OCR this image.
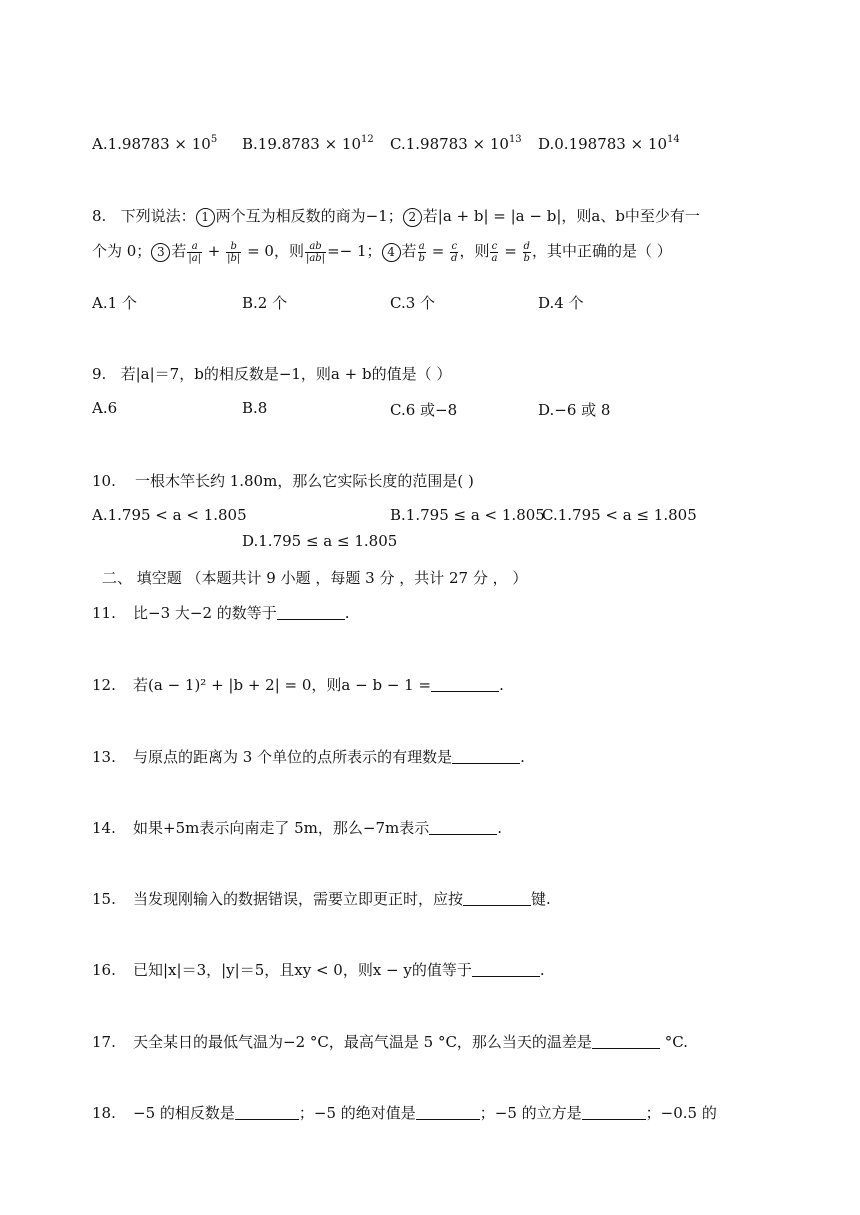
$A.1.98783 \times 10^5$ $B.19.8783 \times 10^{12}$ $C.1.98783 \times 10^{13}$ $D.0.198783 \times 10^{14}$
8. 下列说法： 1 两个互为相反数的商为−1； 2 若|a + b| = |a − b|，则a、b中至少有一
个为 0； 3 若 $\frac{a}{|a|} + \frac{b}{|b|} = 0$，则 $\frac{ab}{|ab|} =- 1$； 4 若 $\frac{a}{b} = \frac{c}{d}$ ，则 $\frac{c}{a} = \frac{d}{b}$ ，其中正确的是（ ）
A.1 个	B.2 个	C.3 个	D.4 个
9. 若|a|＝7，b的相反数是−1，则a + b的值是（ ）
A.6	B.8	C.6 或−8	D.−6 或 8
10. 一根木竿长约 1.80m，那么它实际长度的范围是( )
A.1.795 < a < 1.805	B.1.795 ≤ a < 1.805
C.1.795 < a ≤ 1.805
D.1.795 ≤ a ≤ 1.805
二、 填空题 （本题共计 9 小题 ，每题 3 分 ，共计 27 分 ， ）
11. 比−3 大−2 的数等于	.
12. 若(a − 1)² + |b + 2| = 0，则a − b − 1 =	.
13. 与原点的距离为 3 个单位的点所表示的有理数是	.
14. 如果+5m表示向南走了 5m，那么−7m表示	.
15. 当发现刚输入的数据错误，需要立即更正时，应按	键.
16. 已知|x|＝3，|y|＝5，且xy < 0，则x − y的值等于	.
17. 天全某日的最低气温为−2 °C，最高气温是 5 °C，那么当天的温差是	°C.
18. −5 的相反数是	；−5 的绝对值是	；−5 的立方是	；−0.5 的
